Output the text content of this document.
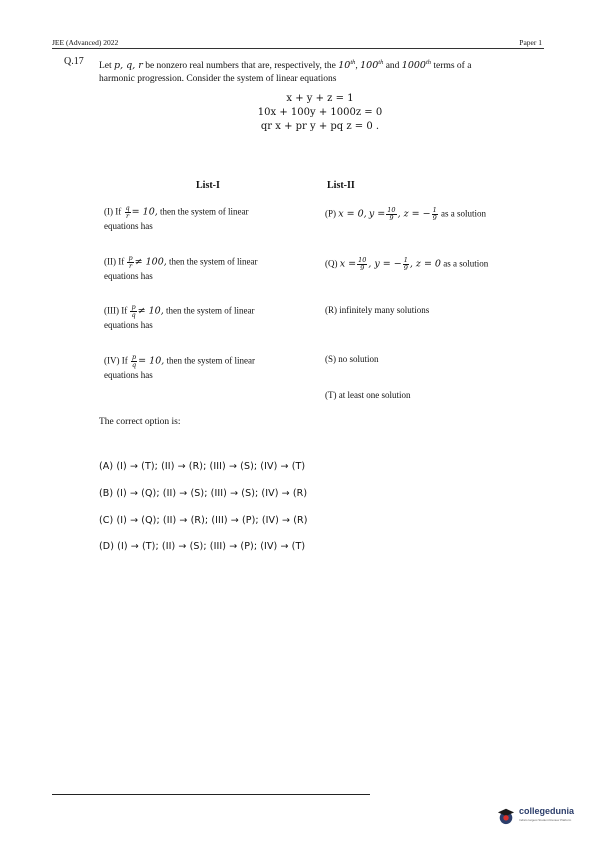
JEE (Advanced) 2022	Paper 1
Q.17 Let p, q, r be nonzero real numbers that are, respectively, the 10th, 100th and 1000th terms of a
harmonic progression. Consider the system of linear equations
x + y + z = 1
10x + 100y + 1000z = 0
qr x + pr y + pq z = 0 .
List-I	List-II
(I) If $\frac{q}{r} = 10$, then the system of linear
equations has
(II) If $\frac{p}{r} \ne 100$, then the system of linear
equations has
(III) If $\frac{p}{q} \ne 10$, then the system of linear
equations has
(IV) If $\frac{p}{q} = 10$, then the system of linear
equations has
(P) x = 0, $y = \frac{10}{9}$ , z = − $\frac{1}{9}$ as a solution
(Q) $x = \frac{10}{9}$ , y = − $\frac{1}{9}$ , z = 0 as a solution
(R) infinitely many solutions
(S) no solution
(T) at least one solution
The correct option is:
(A) (I) → (T); (II) → (R); (III) → (S); (IV) → (T)
(B) (I) → (Q); (II) → (S); (III) → (S); (IV) → (R)
(C) (I) → (Q); (II) → (R); (III) → (P); (IV) → (R)
(D) (I) → (T); (II) → (S); (III) → (P); (IV) → (T)
collegedunia
India's largest Student Review Platform
